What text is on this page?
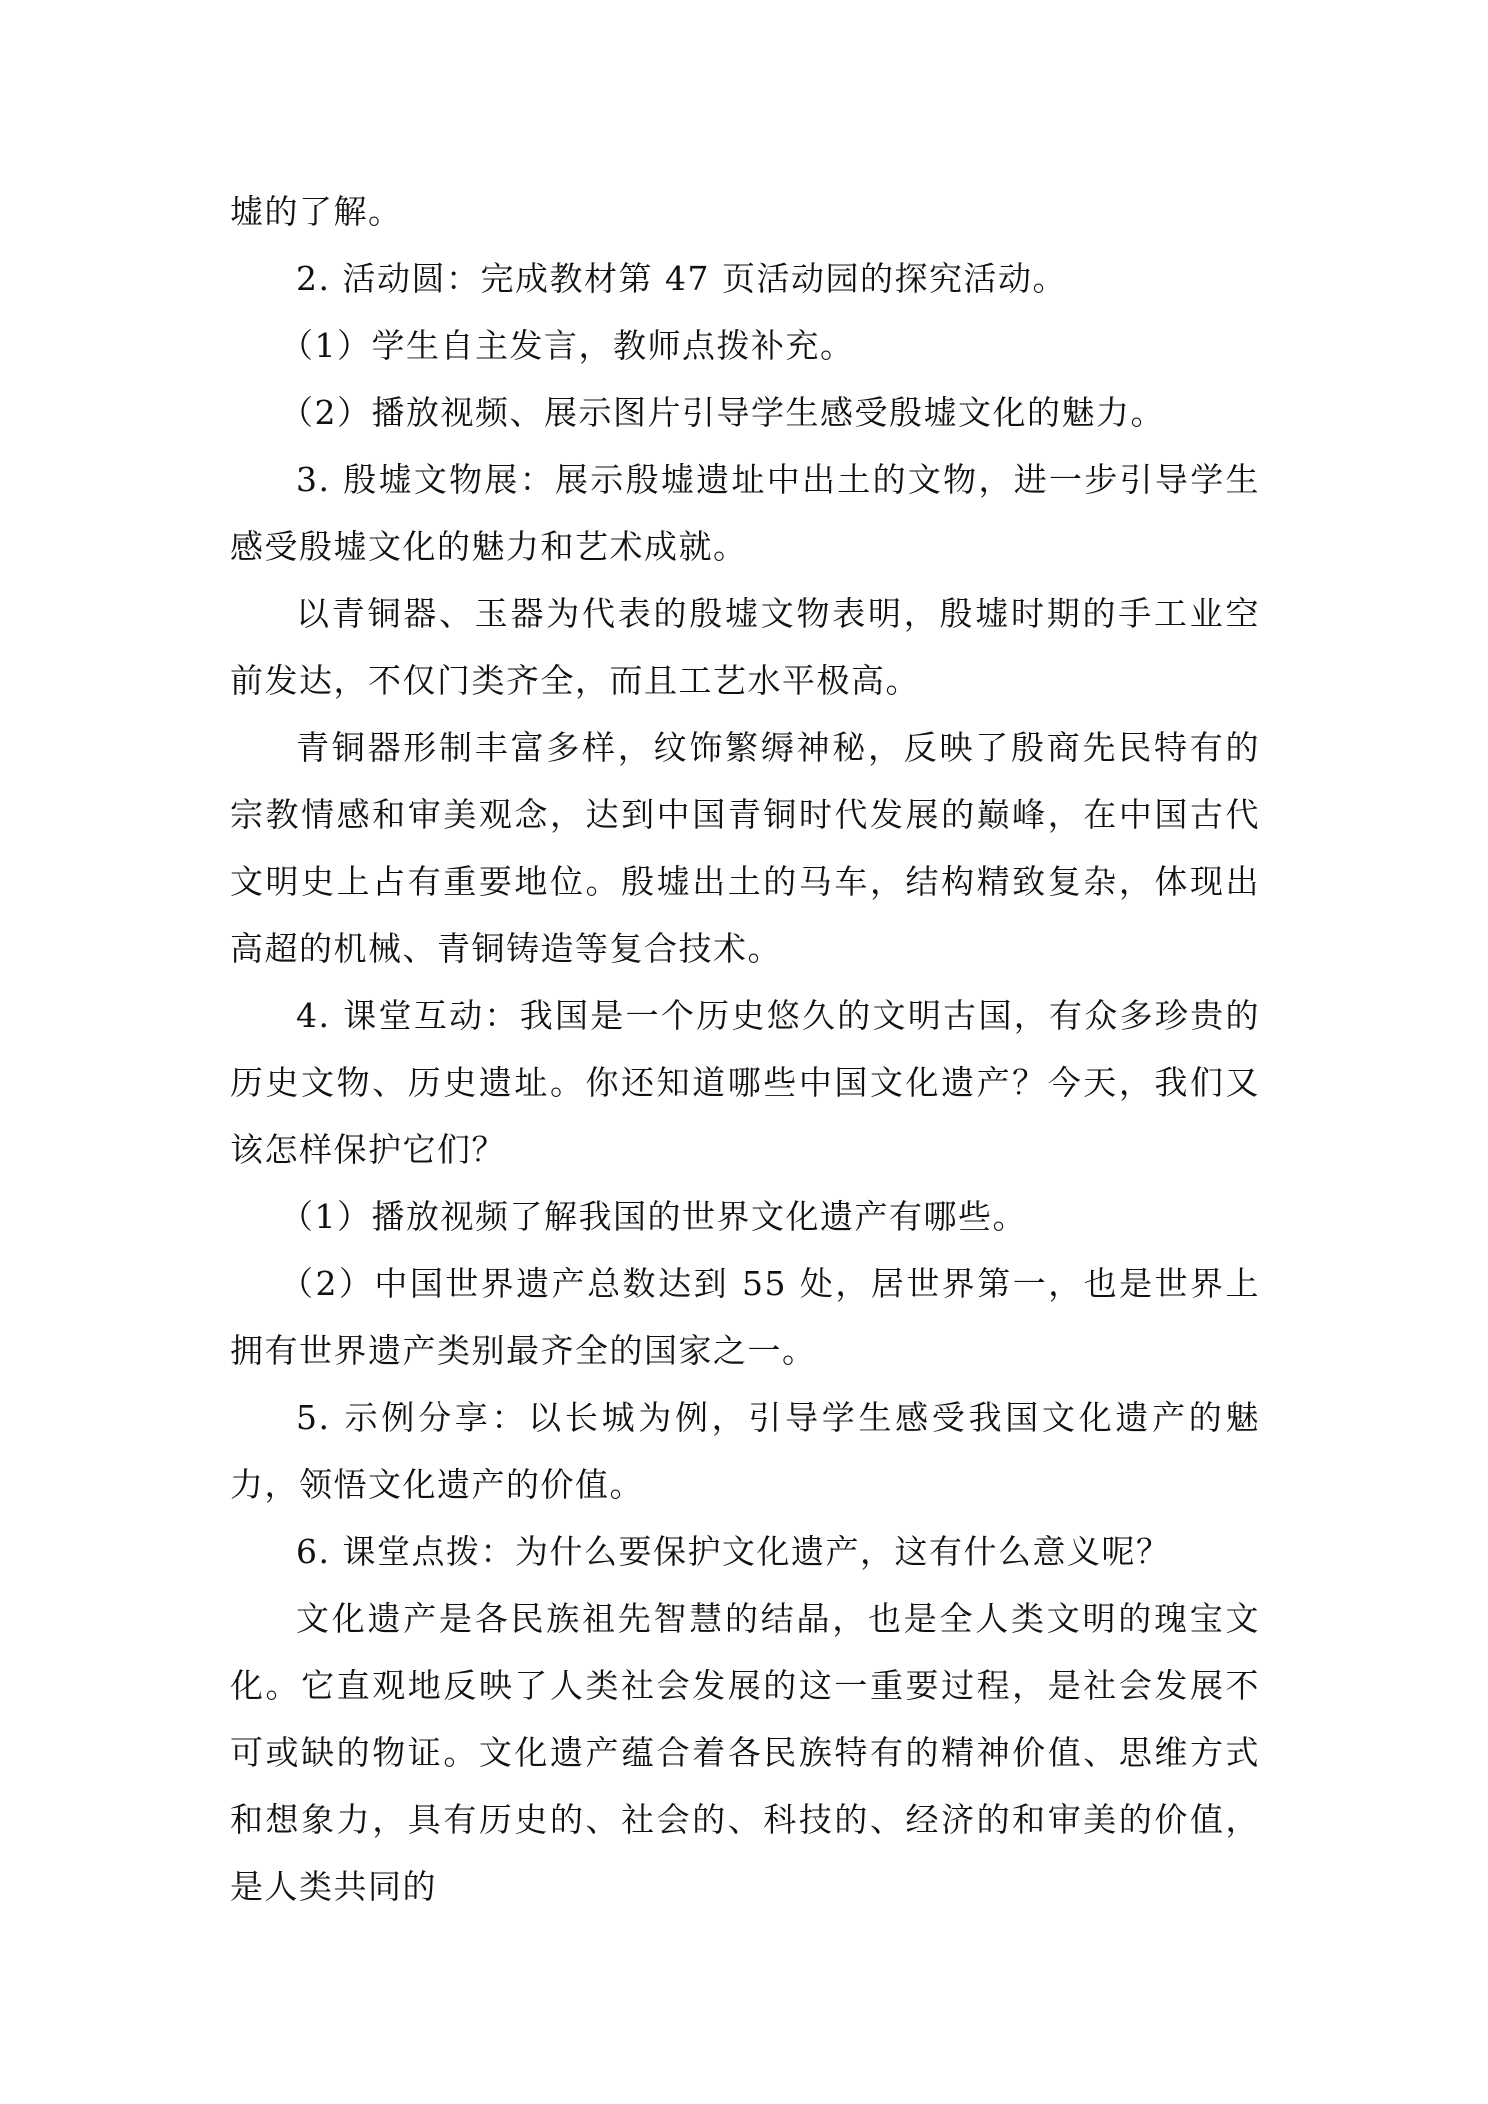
墟的了解。

2. 活动圆：完成教材第 47 页活动园的探究活动。

（1）学生自主发言，教师点拨补充。

（2）播放视频、展示图片引导学生感受殷墟文化的魅力。

3. 殷墟文物展：展示殷墟遗址中出土的文物，进一步引导学生感受殷墟文化的魅力和艺术成就。

以青铜器、玉器为代表的殷墟文物表明，殷墟时期的手工业空前发达，不仅门类齐全，而且工艺水平极高。

青铜器形制丰富多样，纹饰繁缛神秘，反映了殷商先民特有的宗教情感和审美观念，达到中国青铜时代发展的巅峰，在中国古代文明史上占有重要地位。殷墟出土的马车，结构精致复杂，体现出高超的机械、青铜铸造等复合技术。

4. 课堂互动：我国是一个历史悠久的文明古国，有众多珍贵的历史文物、历史遗址。你还知道哪些中国文化遗产？今天，我们又该怎样保护它们？

（1）播放视频了解我国的世界文化遗产有哪些。

（2）中国世界遗产总数达到 55 处，居世界第一，也是世界上拥有世界遗产类别最齐全的国家之一。

5. 示例分享：以长城为例，引导学生感受我国文化遗产的魅力，领悟文化遗产的价值。

6. 课堂点拨：为什么要保护文化遗产，这有什么意义呢？

文化遗产是各民族祖先智慧的结晶，也是全人类文明的瑰宝文化。它直观地反映了人类社会发展的这一重要过程，是社会发展不可或缺的物证。文化遗产蕴合着各民族特有的精神价值、思维方式和想象力，具有历史的、社会的、科技的、经济的和审美的价值，是人类共同的
